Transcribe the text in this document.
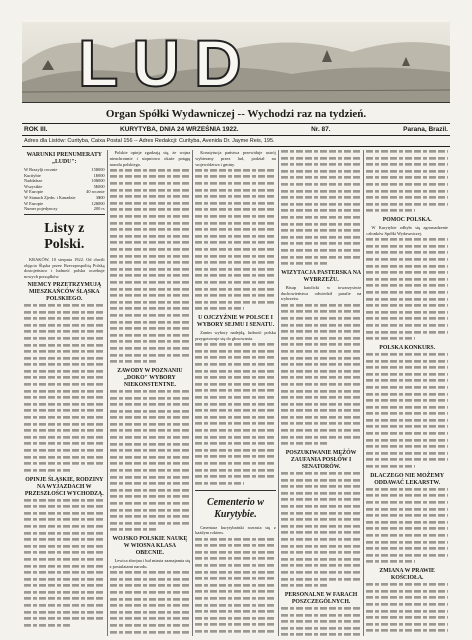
LUD
Organ Spółki Wydawniczej -- Wychodzi raz na tydzień.
ROK III.	KURYTYBA, DNIA 24 WRZEŚNIA 1922.	Nr. 87.	Parana, Brazil.
Adres dla Listów: Curityba, Caixa Postal 156 -- Adres Redakcji: Curityba, Avenida Dr. Jayme Reis, 195.
WARUNKI PRENUMERATY „LUDU":
W Brazylji rocznie	15$000
Kuritybie	1$000
Naddalsze	10$000
Wszystkie	5$000
W Europie	40 rocznie
W Stanach Zjedn. i Kanadzie	3$00
W Europie	12$000
Numer pojedynczy	200 rs
Listy z Polski.

KRAKÓW, 10 sierpnia 1922. Od chwili objęcia Śląska przez Rzeczpospolitą Polską dostojeństwo i ludność polska oczekuje nowych porządków.

NIEMCY PRZETRZYMUJĄ MIESZKAŃCÓW ŚLĄSKA POLSKIEGO.
OPINJE ŚLĄSKIE, RODZINY NA WYJAZDACH W PRZESZŁOŚCI WYCHODZĄ.

Polskie opinje zgadzają się, że wojna nieuchronnie i stopniowo okaże potęgę narodu polskiego.

ZAWODY W POZNANIU „DOKO" WYBORY NIEKONSTENTNE.
WOJSKO POLSKIE NAUKĘ W WIOSNA KLASA OBECNIE.

Lewica zbrojna i lud miasta zaznajamia się z postulatami narodu.

Konstytucja państwa przewiduje ustrój wybierany przez lud, podział na województwa i gminy.

U OJCZYŹNIE W POLSCE I WYBORY SEJMU I SENATU.

Zanim wybory nadejdą, ludność polska przygotowuje się do głosowania.

Cementerio w Kurytybie.

Cmentarz kurytybański rozrasta się z każdym rokiem.

WIZYTACJA PASTERSKA NA WYBRZEŻU.

Bisup katolicki w towarzystwie duchowieństwa odwiedził parafie na wybrzeżu.

POSZUKIWANIE MĘŻÓW ZAUFANIA POSŁÓW I SENATORÓW.
PERSONALNE W FARACH POSZCZEGÓLNYCH.
POMOC POLSKA.

W Kurytybie odbyło się zgromadzenie członków Spółki Wydawniczej.

POLSKA KONKURS.
DLACZEGO NIE MOŻEMY ODDAWAĆ LEKARSTW.
ZMIANA W PRAWIE KOŚCIOŁA.
